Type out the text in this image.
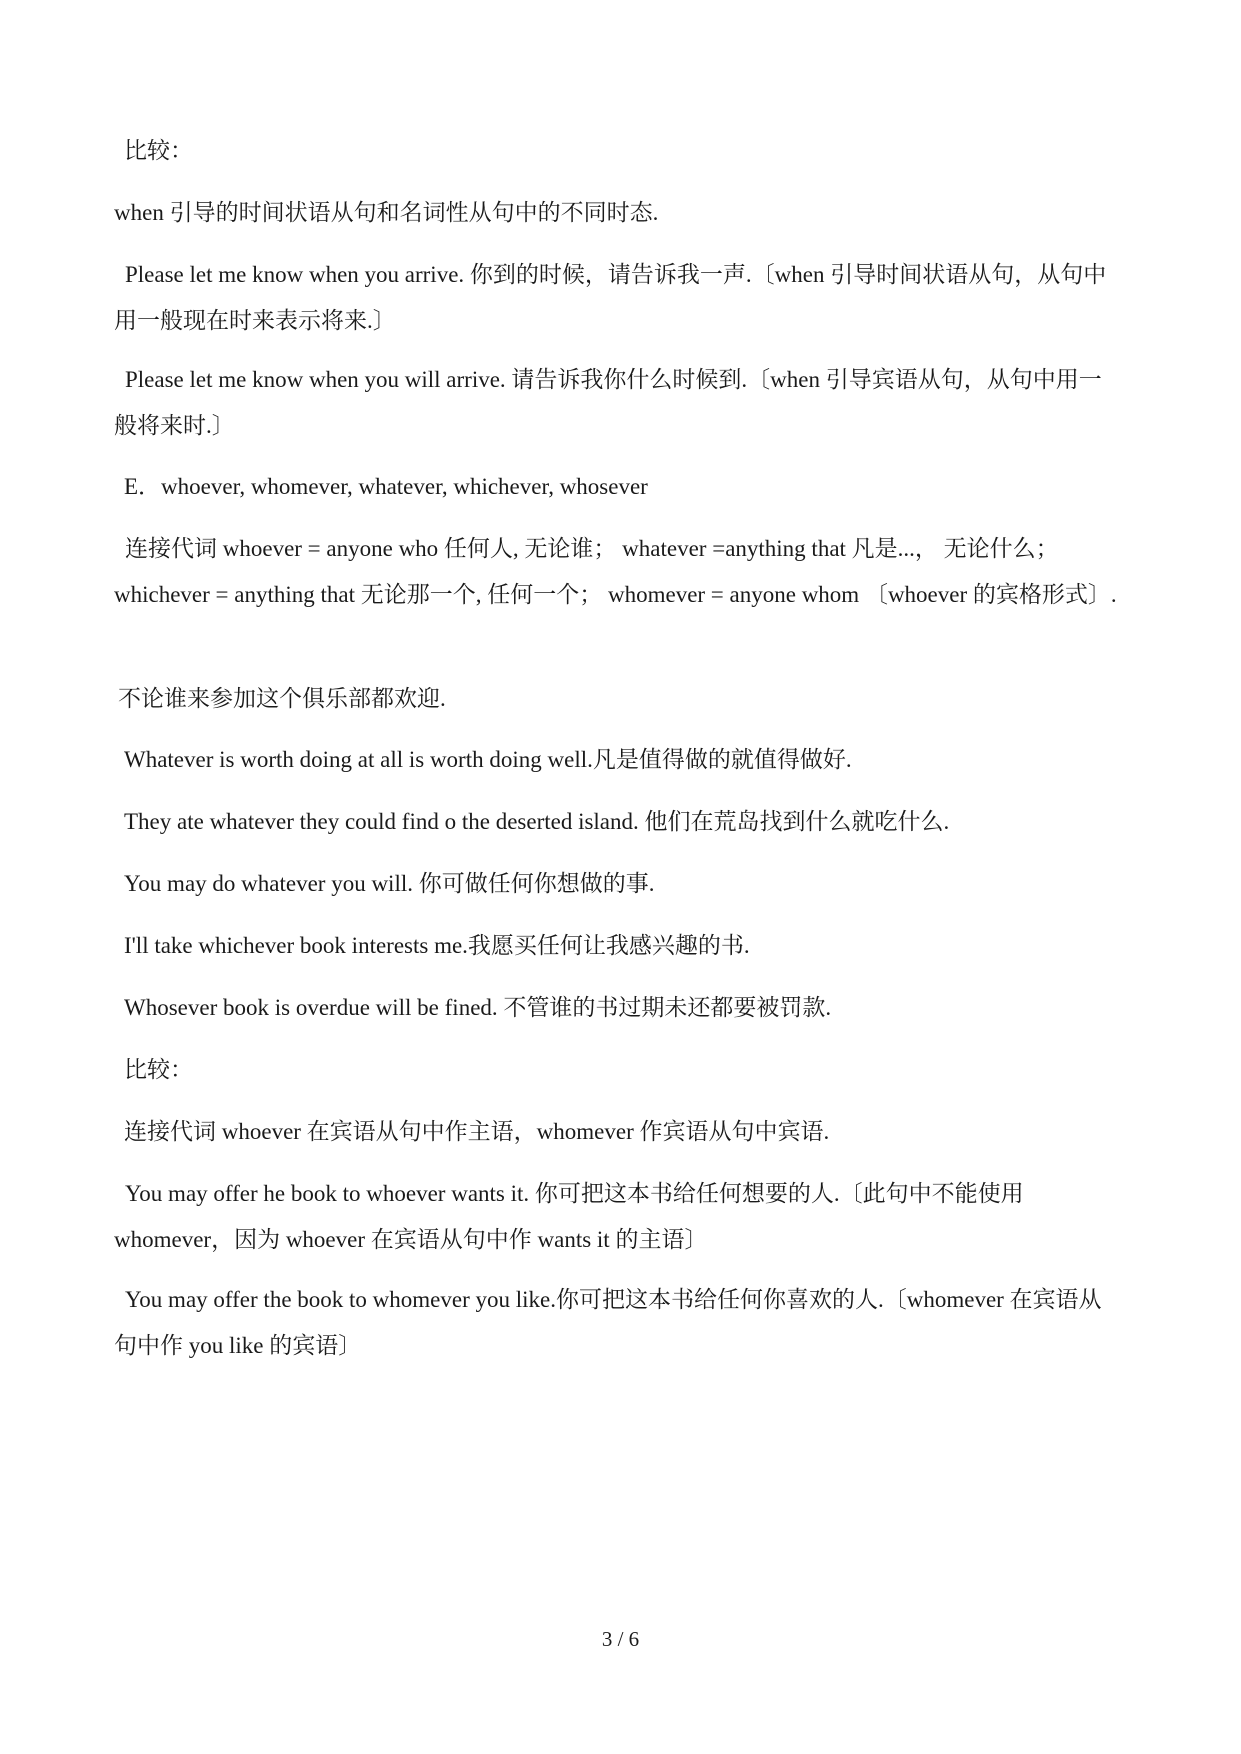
比较：
when 引导的时间状语从句和名词性从句中的不同时态.
Please let me know when you arrive. 你到的时候，请告诉我一声.〔when 引导时间状语从句，从句中用一般现在时来表示将来.〕
Please let me know when you will arrive. 请告诉我你什么时候到.〔when 引导宾语从句，从句中用一般将来时.〕
E．whoever, whomever, whatever, whichever, whosever
连接代词 whoever = anyone who 任何人, 无论谁； whatever =anything that 凡是...， 无论什么；whichever = anything that 无论那一个, 任何一个； whomever = anyone whom 〔whoever 的宾格形式〕.
不论谁来参加这个俱乐部都欢迎.
Whatever is worth doing at all is worth doing well.凡是值得做的就值得做好.
They ate whatever they could find o the deserted island. 他们在荒岛找到什么就吃什么.
You may do whatever you will. 你可做任何你想做的事.
I'll take whichever book interests me.我愿买任何让我感兴趣的书.
Whosever book is overdue will be fined. 不管谁的书过期未还都要被罚款.
比较：
连接代词 whoever 在宾语从句中作主语，whomever 作宾语从句中宾语.
You may offer he book to whoever wants it. 你可把这本书给任何想要的人.〔此句中不能使用 whomever，因为 whoever 在宾语从句中作 wants it 的主语〕
You may offer the book to whomever you like.你可把这本书给任何你喜欢的人.〔whomever 在宾语从句中作 you like 的宾语〕
3 / 6
